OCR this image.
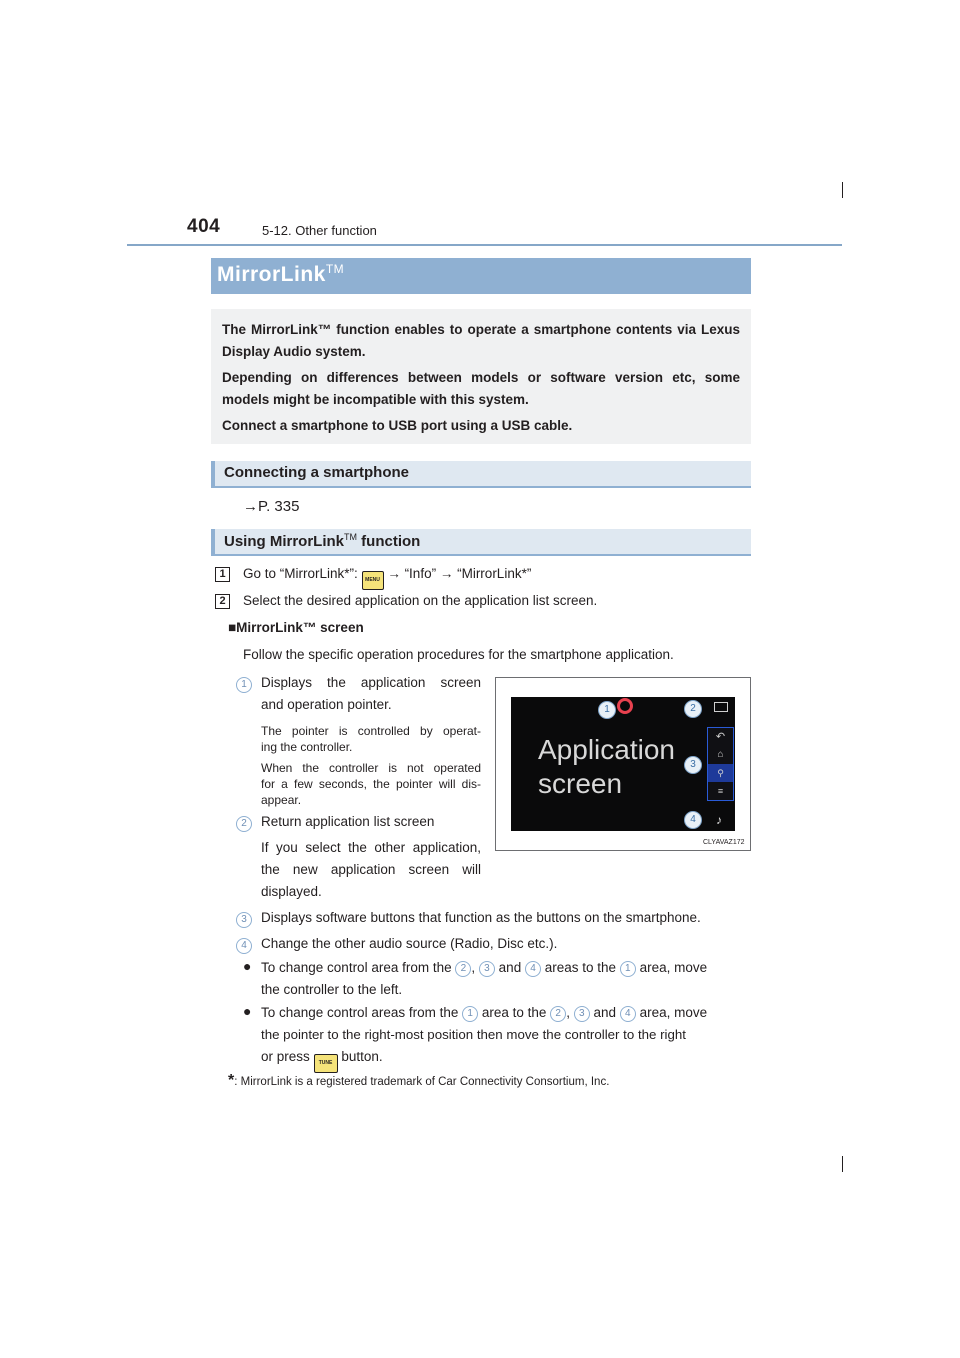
404	5-12. Other function
MirrorLink™

The MirrorLink™ function enables to operate a smartphone contents via Lexus Display Audio system.

Depending on differences between models or software version etc, some models might be incompatible with this system.

Connect a smartphone to USB port using a USB cable.

Connecting a smartphone
→P. 335
Using MirrorLink™ function
1	Go to “MirrorLink*”: MENU → “Info” → “MirrorLink*”
2	Select the desired application on the application list screen.
■MirrorLink™ screen
Follow the specific operation procedures for the smartphone application.
1	Displays the application screen
and operation pointer.
The pointer is controlled by operat-
ing the controller.
When the controller is not operated
for a few seconds, the pointer will dis-
appear.
2	Return application list screen
If you select the other application,
the new application screen will
displayed.
Application
screen
↶
⌂
⚲
≡
♪
1	2
3
4
CLYAVAZ172
3	Displays software buttons that function as the buttons on the smartphone.
4	Change the other audio source (Radio, Disc etc.).
● To change control area from the 2 , 3 and 4 areas to the 1 area, move
the controller to the left.
● To change control areas from the 1 area to the 2 , 3 and 4 area, move
the pointer to the right-most position then move the controller to the right
or press TUNE button.
*: MirrorLink is a registered trademark of Car Connectivity Consortium, Inc.
